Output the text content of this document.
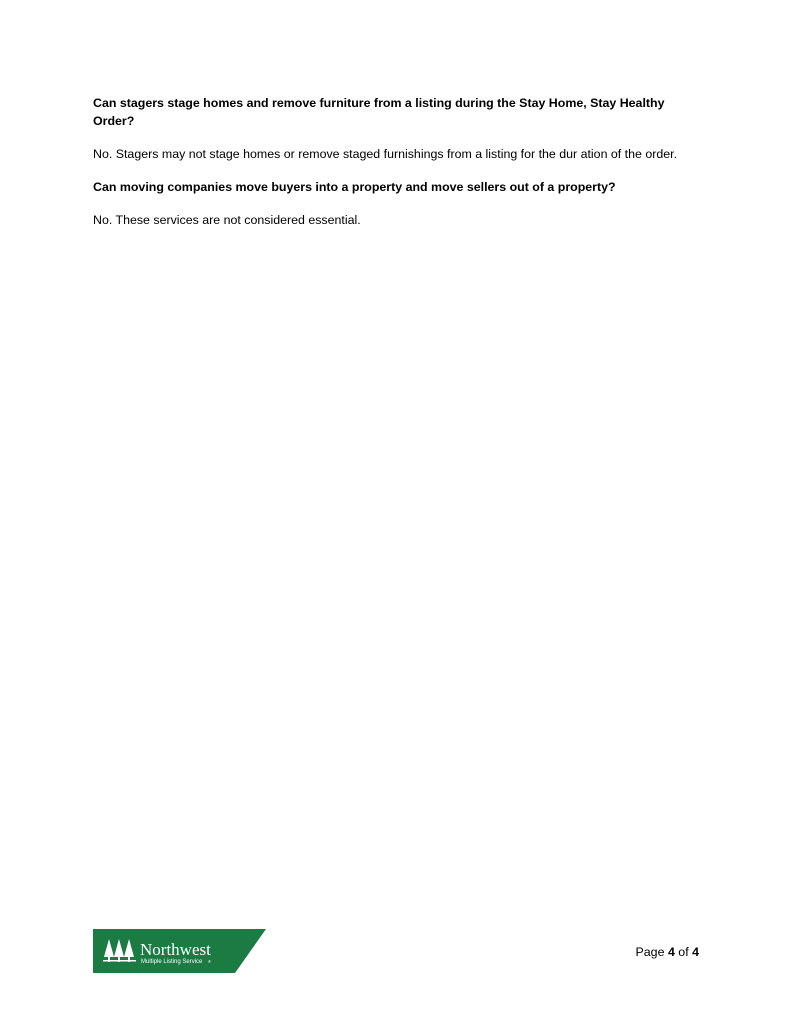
Can stagers stage homes and remove furniture from a listing during the Stay Home, Stay Healthy Order?

No. Stagers may not stage homes or remove staged furnishings from a listing for the dur ation of the order.

Can moving companies move buyers into a property and move sellers out of a property?

No. These services are not considered essential.

Northwest
Multiple Listing Service ®
Page 4 of 4
